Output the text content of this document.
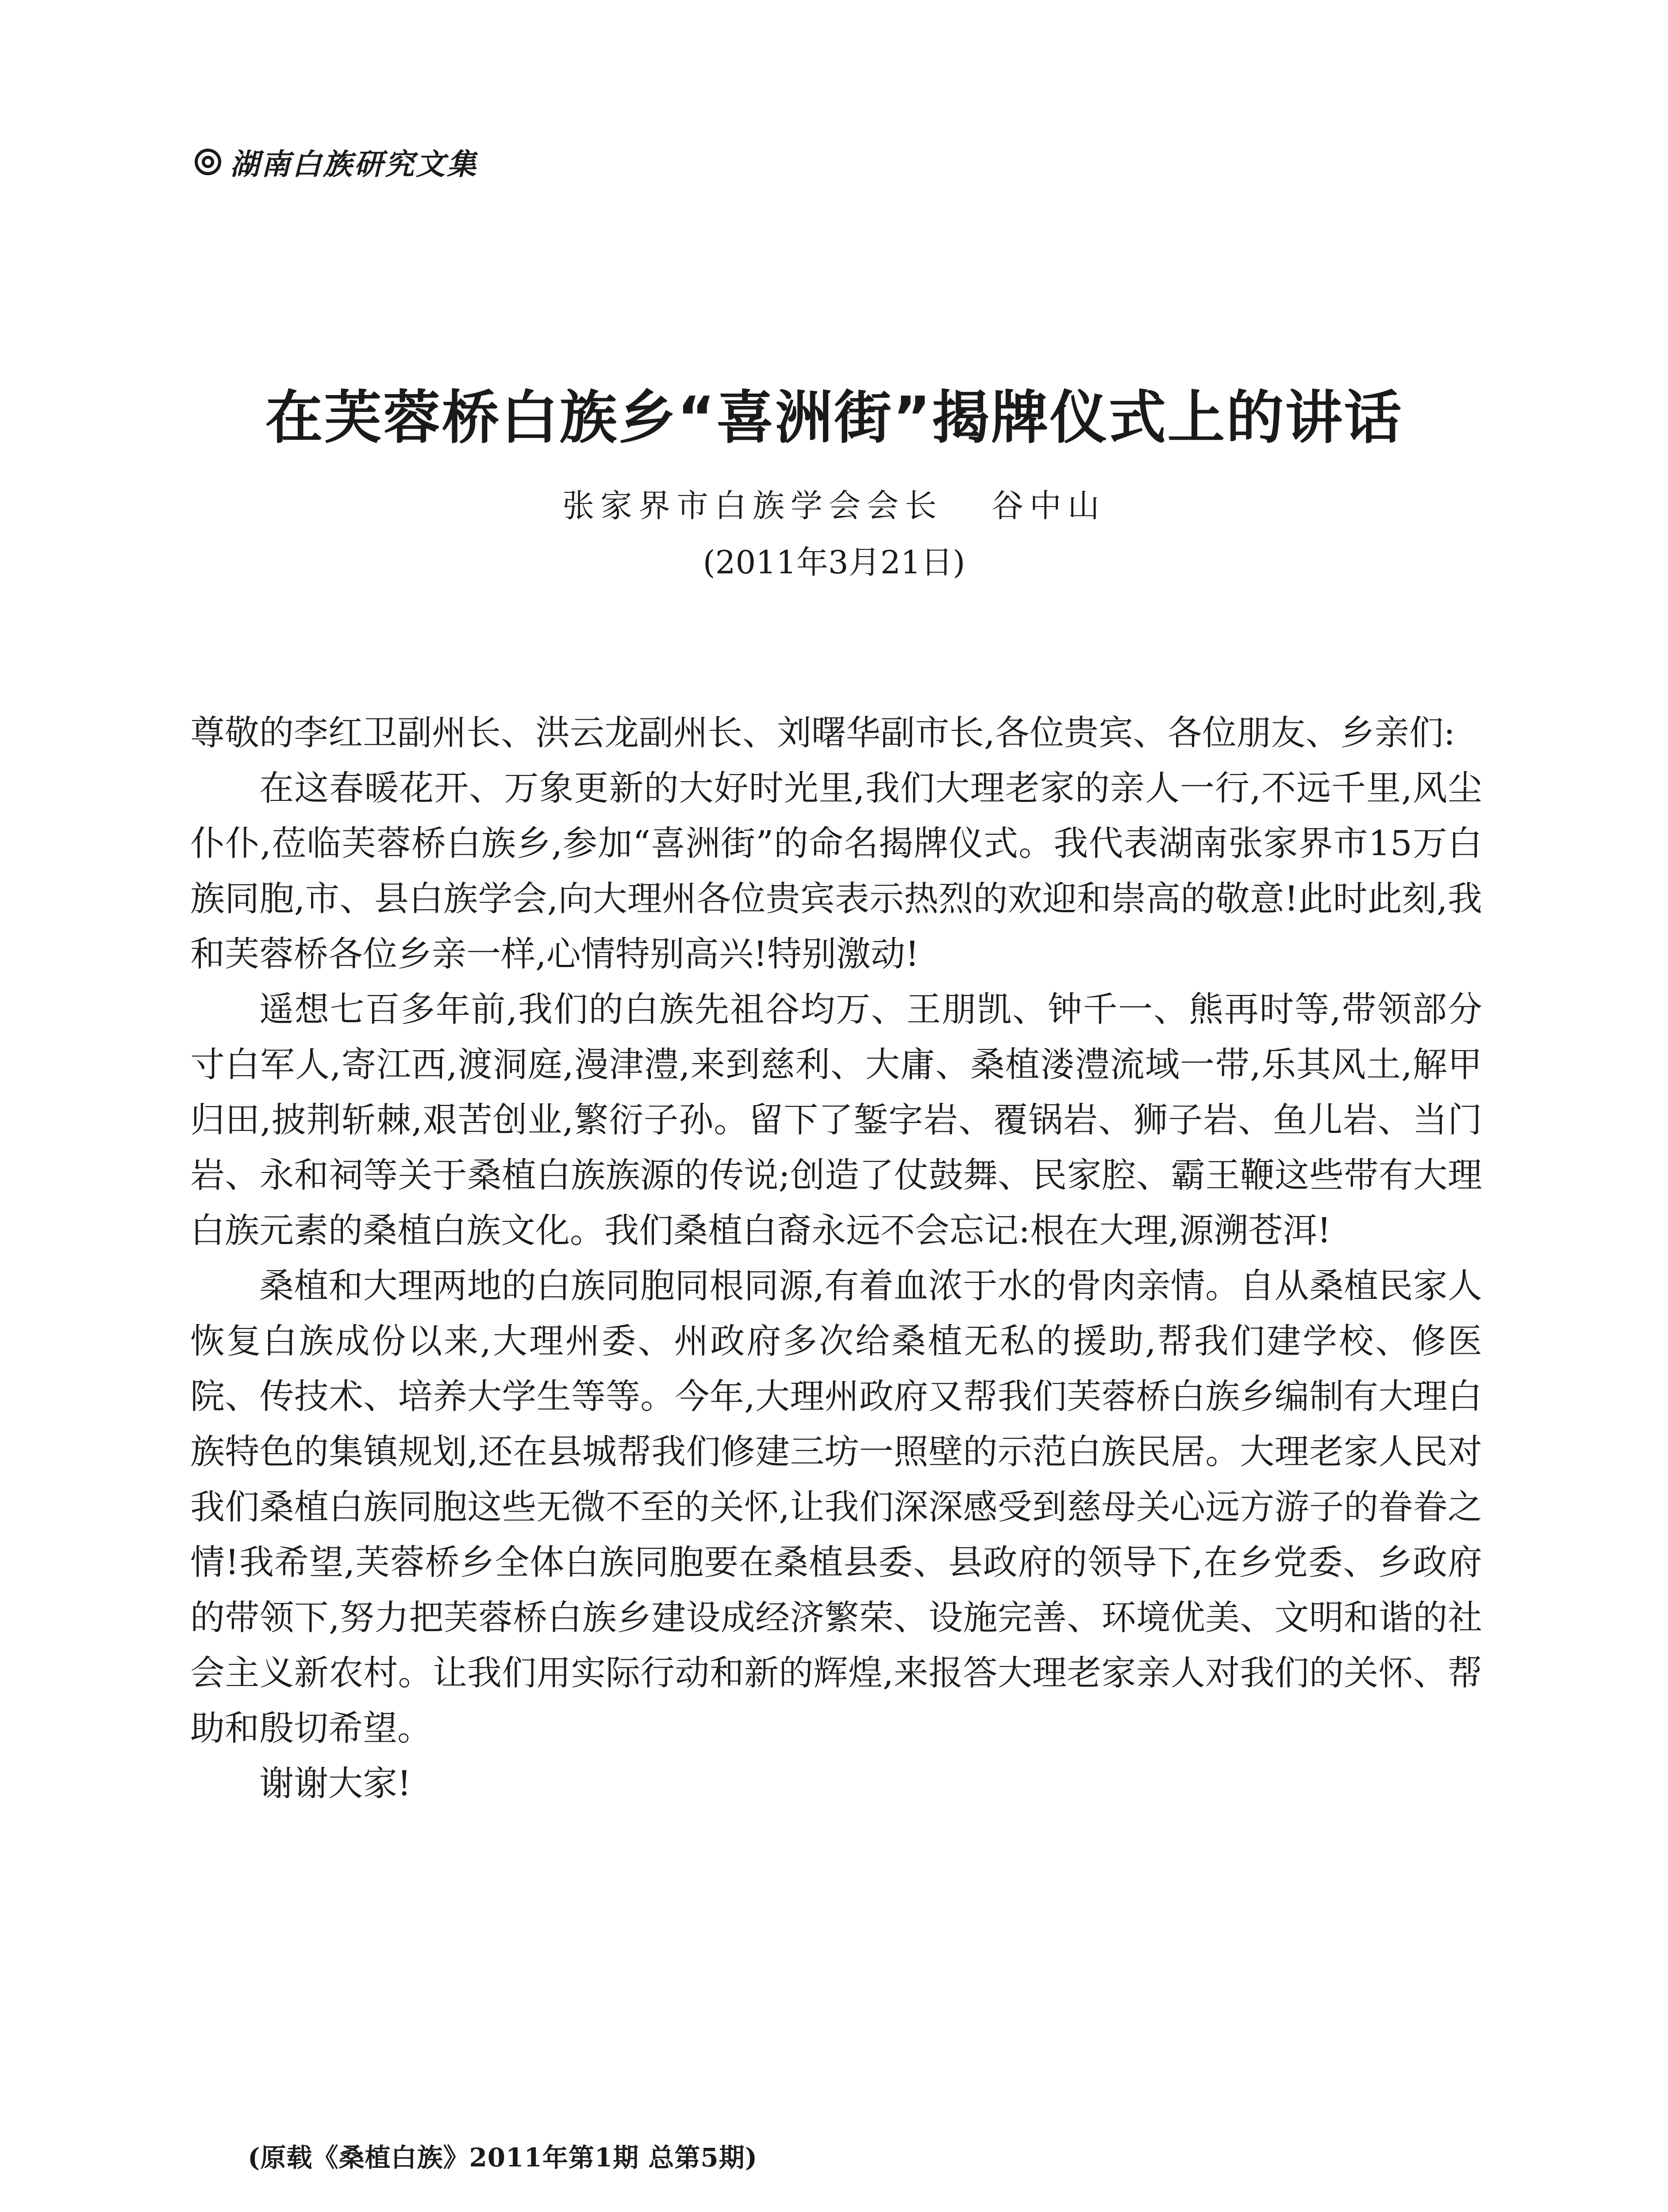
湖南白族研究文集
在芙蓉桥白族乡“喜洲街”揭牌仪式上的讲话
张家界市白族学会会长 谷中山
(2011年3月21日)

尊敬的李红卫副州长、洪云龙副州长、刘曙华副市长,各位贵宾、各位朋友、乡亲们:

在这春暖花开、万象更新的大好时光里,我们大理老家的亲人一行,不远千里,风尘仆仆,莅临芙蓉桥白族乡,参加“喜洲街”的命名揭牌仪式。我代表湖南张家界市15万白族同胞,市、县白族学会,向大理州各位贵宾表示热烈的欢迎和崇高的敬意!此时此刻,我和芙蓉桥各位乡亲一样,心情特别高兴!特别激动!

遥想七百多年前,我们的白族先祖谷均万、王朋凯、钟千一、熊再时等,带领部分寸白军人,寄江西,渡洞庭,漫津澧,来到慈利、大庸、桑植溇澧流域一带,乐其风土,解甲归田,披荆斩棘,艰苦创业,繁衍子孙。留下了錾字岩、覆锅岩、狮子岩、鱼儿岩、当门岩、永和祠等关于桑植白族族源的传说;创造了仗鼓舞、民家腔、霸王鞭这些带有大理白族元素的桑植白族文化。我们桑植白裔永远不会忘记:根在大理,源溯苍洱!

桑植和大理两地的白族同胞同根同源,有着血浓于水的骨肉亲情。自从桑植民家人恢复白族成份以来,大理州委、州政府多次给桑植无私的援助,帮我们建学校、修医院、传技术、培养大学生等等。今年,大理州政府又帮我们芙蓉桥白族乡编制有大理白族特色的集镇规划,还在县城帮我们修建三坊一照壁的示范白族民居。大理老家人民对我们桑植白族同胞这些无微不至的关怀,让我们深深感受到慈母关心远方游子的眷眷之情!我希望,芙蓉桥乡全体白族同胞要在桑植县委、县政府的领导下,在乡党委、乡政府的带领下,努力把芙蓉桥白族乡建设成经济繁荣、设施完善、环境优美、文明和谐的社会主义新农村。让我们用实际行动和新的辉煌,来报答大理老家亲人对我们的关怀、帮助和殷切希望。

谢谢大家!

(原载《桑植白族》2011年第1期 总第5期)
